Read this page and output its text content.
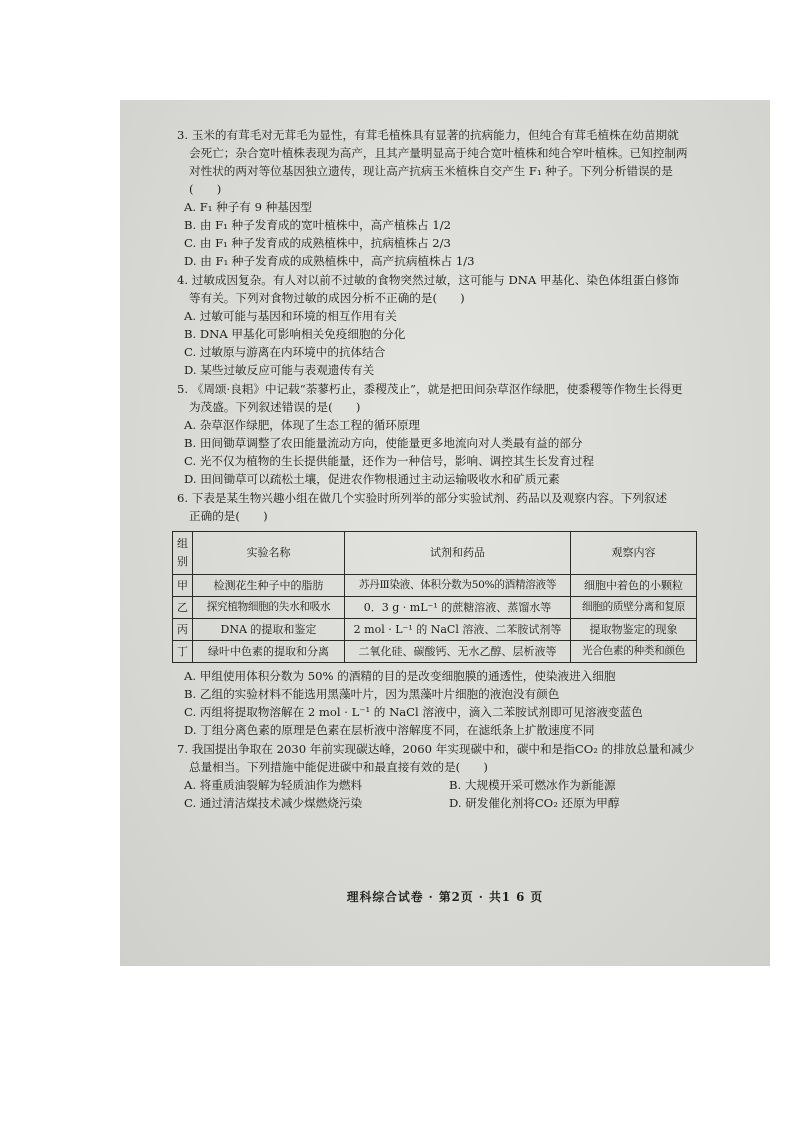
3. 玉米的有茸毛对无茸毛为显性，有茸毛植株具有显著的抗病能力，但纯合有茸毛植株在幼苗期就
会死亡；杂合宽叶植株表现为高产，且其产量明显高于纯合宽叶植株和纯合窄叶植株。已知控制两
对性状的两对等位基因独立遗传，现让高产抗病玉米植株自交产生 F₁ 种子。下列分析错误的是
(　　)
A. F₁ 种子有 9 种基因型
B. 由 F₁ 种子发育成的宽叶植株中，高产植株占 1/2
C. 由 F₁ 种子发育成的成熟植株中，抗病植株占 2/3
D. 由 F₁ 种子发育成的成熟植株中，高产抗病植株占 1/3
4. 过敏成因复杂。有人对以前不过敏的食物突然过敏，这可能与 DNA 甲基化、染色体组蛋白修饰
等有关。下列对食物过敏的成因分析不正确的是(　　)
A. 过敏可能与基因和环境的相互作用有关
B. DNA 甲基化可影响相关免疫细胞的分化
C. 过敏原与游离在内环境中的抗体结合
D. 某些过敏反应可能与表观遗传有关
5. 《周颂·良耜》中记载“荼蓼朽止，黍稷茂止”，就是把田间杂草沤作绿肥，使黍稷等作物生长得更
为茂盛。下列叙述错误的是(　　)
A. 杂草沤作绿肥，体现了生态工程的循环原理
B. 田间锄草调整了农田能量流动方向，使能量更多地流向对人类最有益的部分
C. 光不仅为植物的生长提供能量，还作为一种信号，影响、调控其生长发育过程
D. 田间锄草可以疏松土壤，促进农作物根通过主动运输吸收水和矿质元素
6. 下表是某生物兴趣小组在做几个实验时所列举的部分实验试剂、药品以及观察内容。下列叙述
正确的是(　　)
组
别	实验名称	试剂和药品	观察内容
甲	检测花生种子中的脂肪	苏丹Ⅲ染液、体积分数为50%的酒精溶液等	细胞中着色的小颗粒
乙	探究植物细胞的失水和吸水	0．3 g · mL⁻¹ 的蔗糖溶液、蒸馏水等	细胞的质壁分离和复原
丙	DNA 的提取和鉴定	2 mol · L⁻¹ 的 NaCl 溶液、二苯胺试剂等	提取物鉴定的现象
丁	绿叶中色素的提取和分离	二氧化硅、碳酸钙、无水乙醇、层析液等	光合色素的种类和颜色
A. 甲组使用体积分数为 50% 的酒精的目的是改变细胞膜的通透性，使染液进入细胞
B. 乙组的实验材料不能选用黑藻叶片，因为黑藻叶片细胞的液泡没有颜色
C. 丙组将提取物溶解在 2 mol · L⁻¹ 的 NaCl 溶液中，滴入二苯胺试剂即可见溶液变蓝色
D. 丁组分离色素的原理是色素在层析液中溶解度不同，在滤纸条上扩散速度不同
7. 我国提出争取在 2030 年前实现碳达峰，2060 年实现碳中和，碳中和是指CO₂ 的排放总量和减少
总量相当。下列措施中能促进碳中和最直接有效的是(　　)
A. 将重质油裂解为轻质油作为燃料	B. 大规模开采可燃冰作为新能源
C. 通过清洁煤技术减少煤燃烧污染	D. 研发催化剂将CO₂ 还原为甲醇
理科综合试卷 · 第2页 · 共1 6 页
